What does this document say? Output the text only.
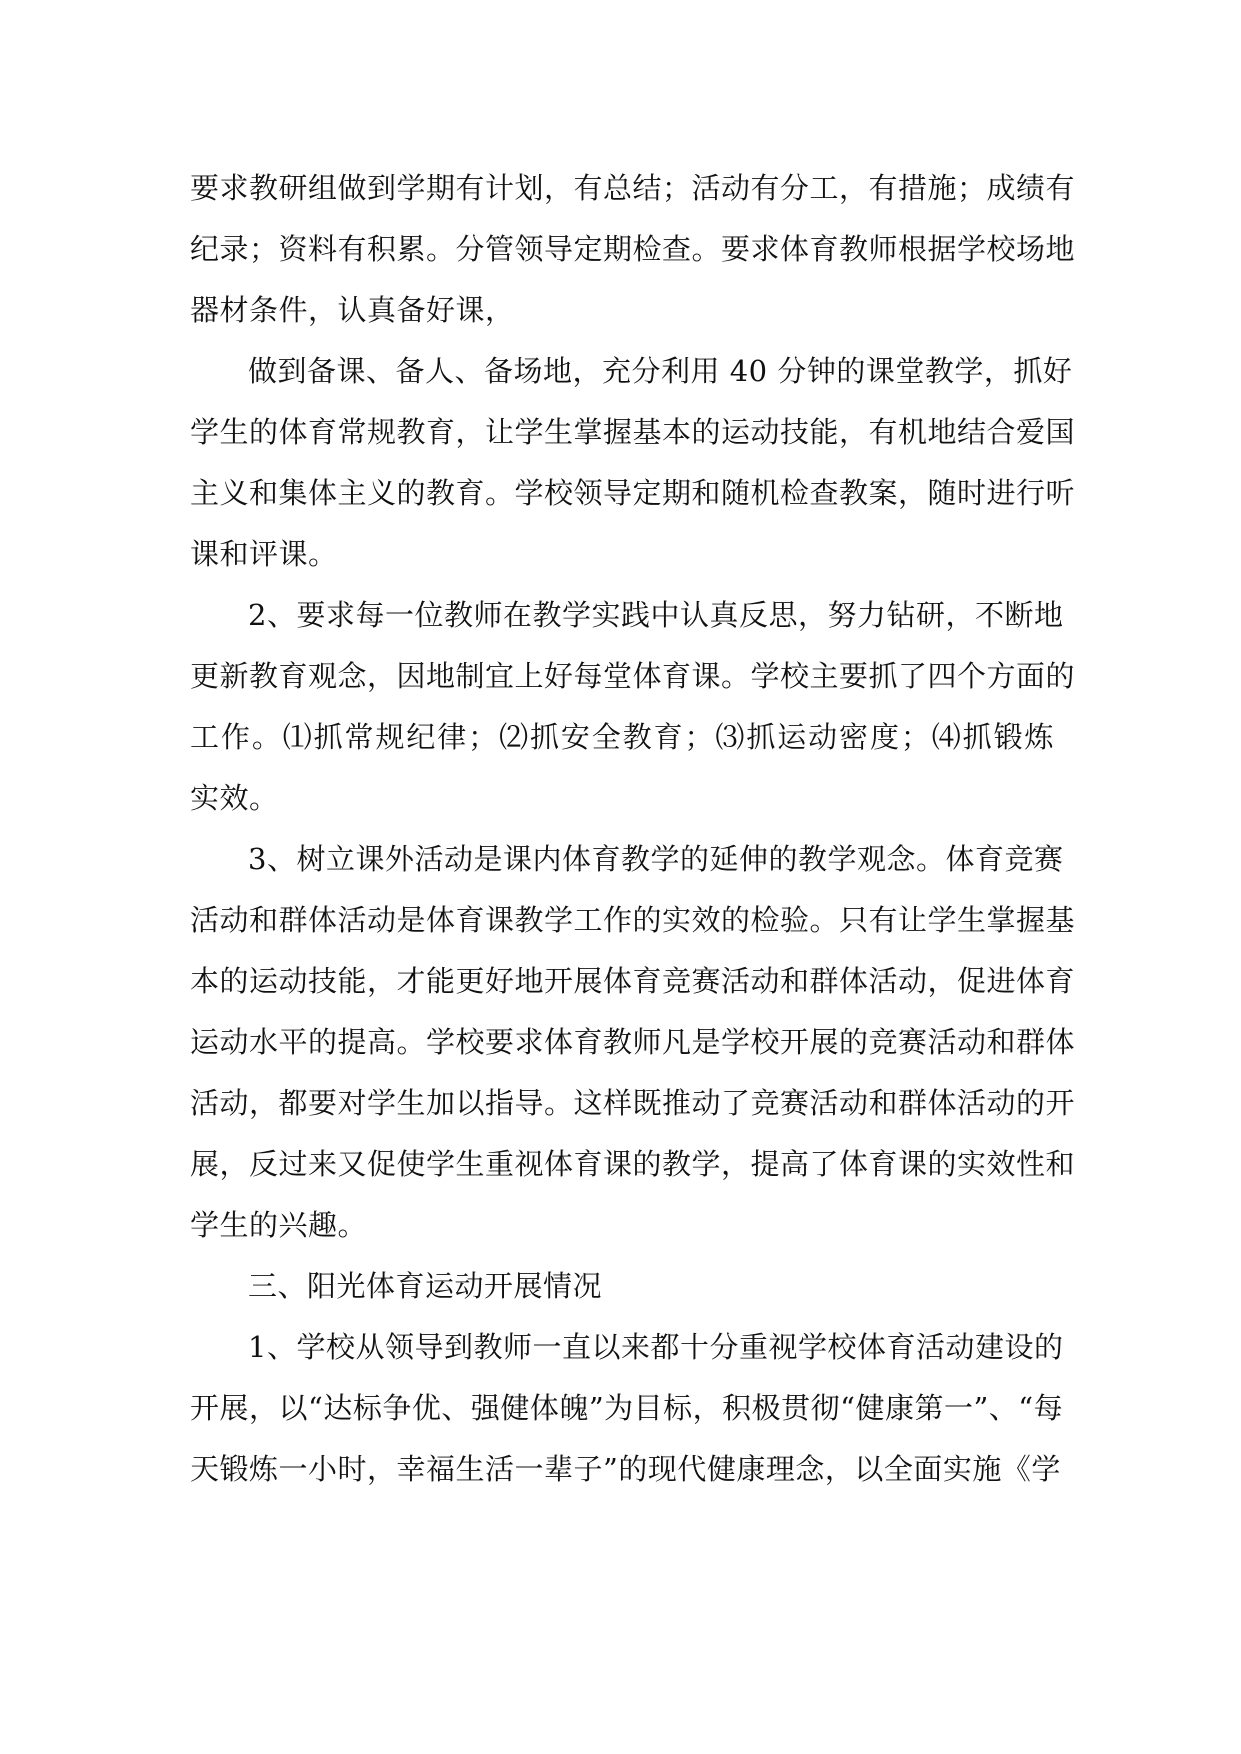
要求教研组做到学期有计划，有总结；活动有分工，有措施；成绩有
纪录；资料有积累。分管领导定期检查。要求体育教师根据学校场地
器材条件，认真备好课，
做到备课、备人、备场地，充分利用 40 分钟的课堂教学，抓好
学生的体育常规教育，让学生掌握基本的运动技能，有机地结合爱国
主义和集体主义的教育。学校领导定期和随机检查教案，随时进行听
课和评课。
2、要求每一位教师在教学实践中认真反思，努力钻研，不断地
更新教育观念，因地制宜上好每堂体育课。学校主要抓了四个方面的
工作。⑴抓常规纪律；⑵抓安全教育；⑶抓运动密度；⑷抓锻炼
实效。
3、树立课外活动是课内体育教学的延伸的教学观念。体育竞赛
活动和群体活动是体育课教学工作的实效的检验。只有让学生掌握基
本的运动技能，才能更好地开展体育竞赛活动和群体活动，促进体育
运动水平的提高。学校要求体育教师凡是学校开展的竞赛活动和群体
活动，都要对学生加以指导。这样既推动了竞赛活动和群体活动的开
展，反过来又促使学生重视体育课的教学，提高了体育课的实效性和
学生的兴趣。
三、阳光体育运动开展情况
1、学校从领导到教师一直以来都十分重视学校体育活动建设的
开展，以“达标争优、强健体魄”为目标，积极贯彻“健康第一”、“每
天锻炼一小时，幸福生活一辈子”的现代健康理念，以全面实施《学
